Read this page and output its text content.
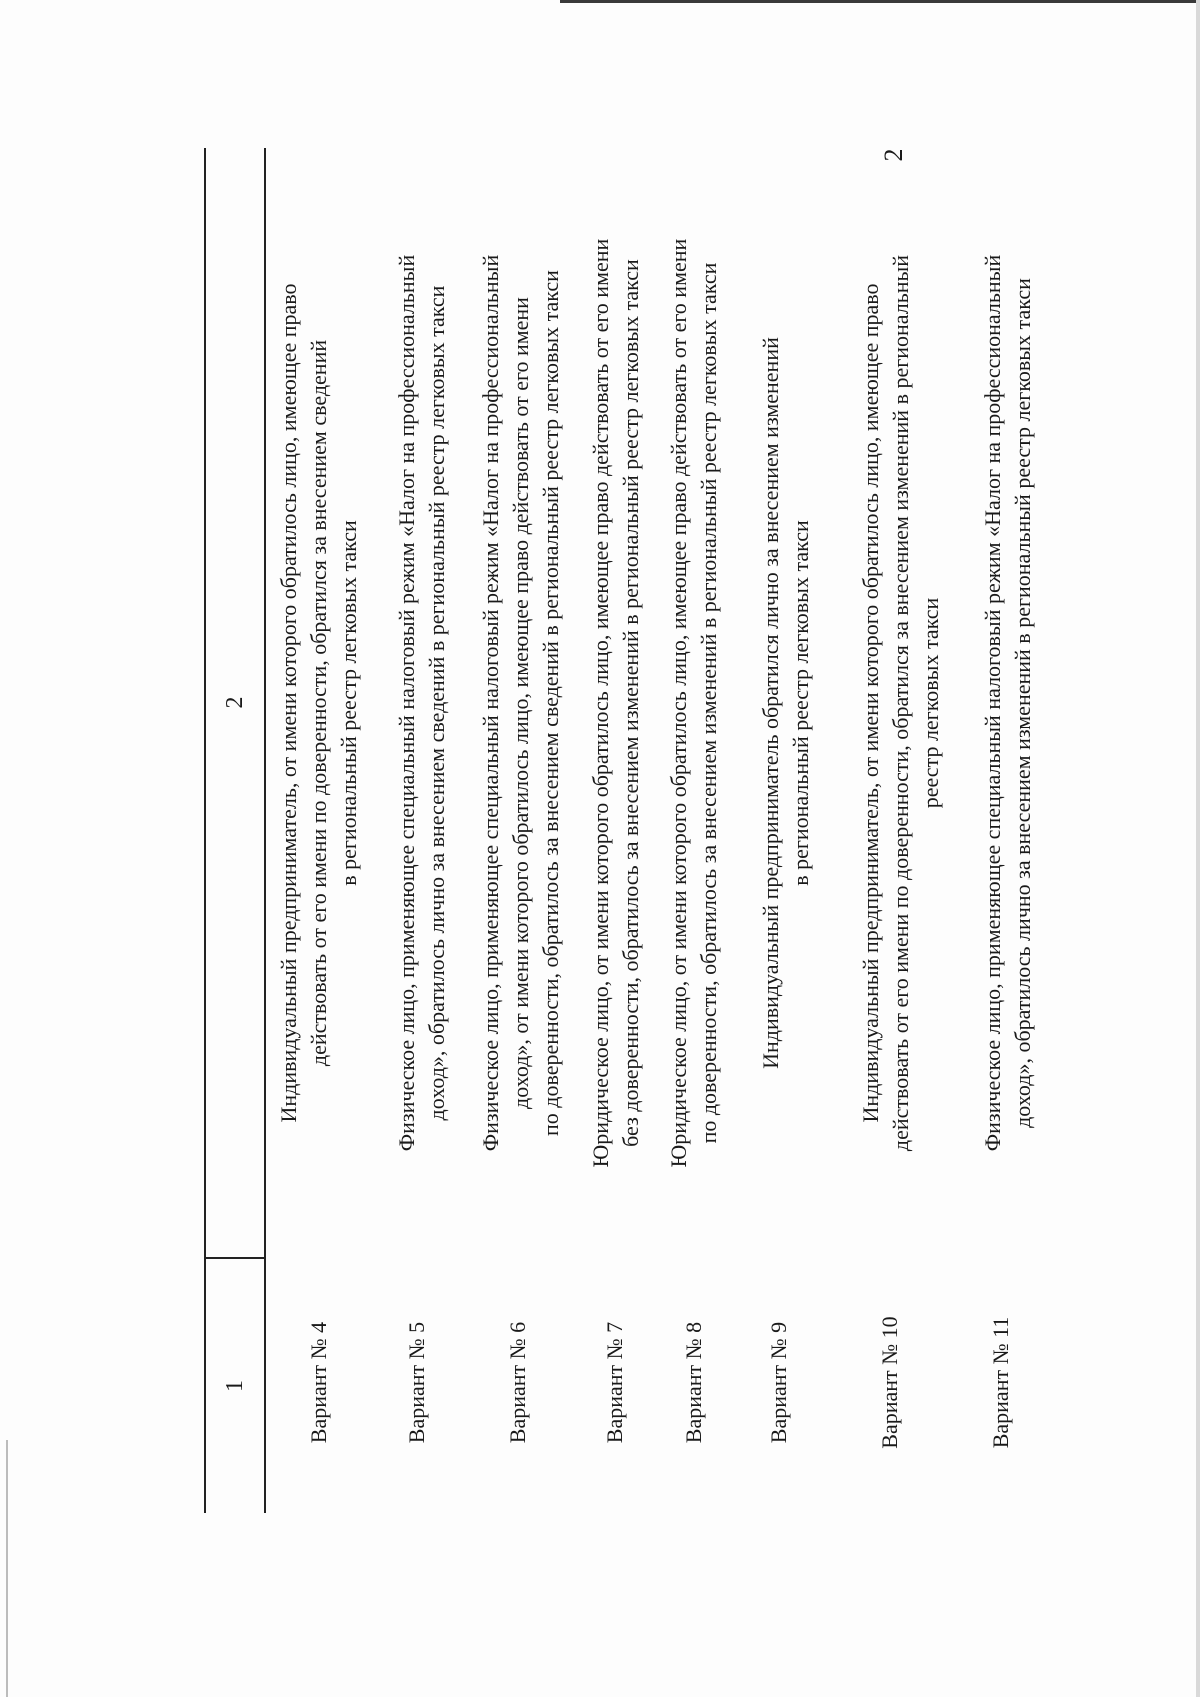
2
1	2
Вариант № 4	Индивидуальный предприниматель, от имени которого обратилось лицо, имеющее право действовать от его имени по доверенности, обратился за внесением сведений в региональный реестр легковых такси

Вариант № 5	Физическое лицо, применяющее специальный налоговый режим «Налог на профессиональный доход», обратилось лично за внесением сведений в региональный реестр легковых такси

Вариант № 6	Физическое лицо, применяющее специальный налоговый режим «Налог на профессиональный доход», от имени которого обратилось лицо, имеющее право действовать от его имени по доверенности, обратилось за внесением сведений в региональный реестр легковых такси

Вариант № 7	Юридическое лицо, от имени которого обратилось лицо, имеющее право действовать от его имени без доверенности, обратилось за внесением изменений в региональный реестр легковых такси

Вариант № 8	Юридическое лицо, от имени которого обратилось лицо, имеющее право действовать от его имени по доверенности, обратилось за внесением изменений в региональный реестр легковых такси

Вариант № 9	Индивидуальный предприниматель обратился лично за внесением изменений в региональный реестр легковых такси

Вариант № 10	Индивидуальный предприниматель, от имени которого обратилось лицо, имеющее право действовать от его имени по доверенности, обратился за внесением изменений в региональный реестр легковых такси

Вариант № 11	Физическое лицо, применяющее специальный налоговый режим «Налог на профессиональный доход», обратилось лично за внесением изменений в региональный реестр легковых такси
